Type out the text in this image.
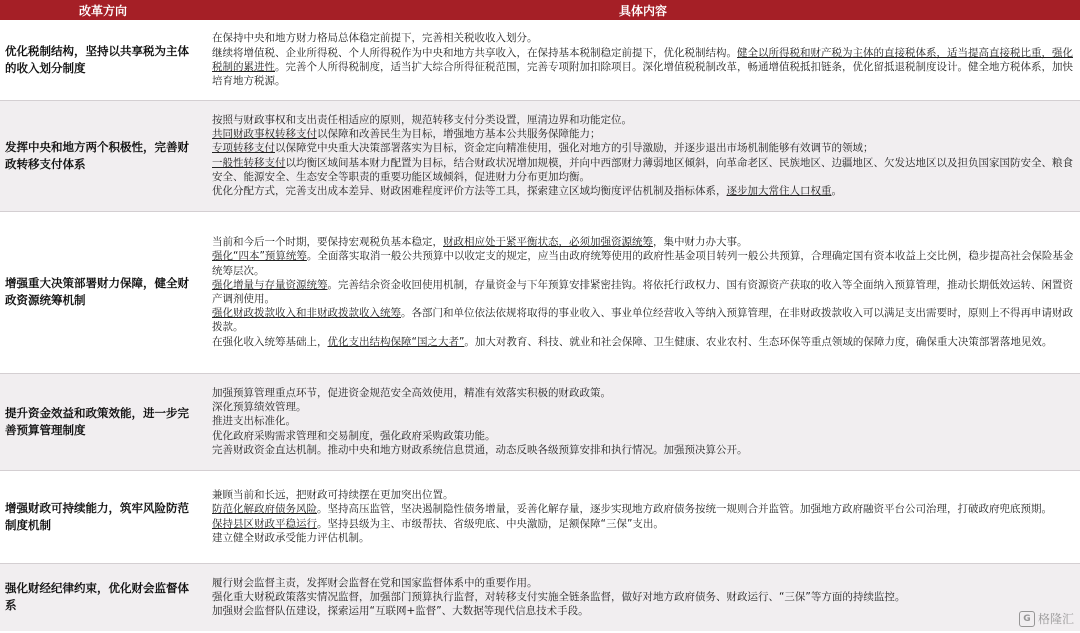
改革方向	具体内容
优化税制结构，坚持以共享税为主体的收入划分制度	在保持中央和地方财力格局总体稳定前提下，完善相关税收收入划分。
继续将增值税、企业所得税、个人所得税作为中央和地方共享收入，在保持基本税制稳定前提下，优化税制结构。健全以所得税和财产税为主体的直接税体系，适当提高直接税比重，强化税制的累进性。完善个人所得税制度，适当扩大综合所得征税范围，完善专项附加扣除项目。深化增值税税制改革，畅通增值税抵扣链条，优化留抵退税制度设计。健全地方税体系，加快培育地方税源。

发挥中央和地方两个积极性，完善财政转移支付体系	按照与财政事权和支出责任相适应的原则，规范转移支付分类设置，厘清边界和功能定位。
共同财政事权转移支付以保障和改善民生为目标，增强地方基本公共服务保障能力；
专项转移支付以保障党中央重大决策部署落实为目标，资金定向精准使用，强化对地方的引导激励，并逐步退出市场机制能够有效调节的领域；
一般性转移支付以均衡区域间基本财力配置为目标，结合财政状况增加规模，并向中西部财力薄弱地区倾斜，向革命老区、民族地区、边疆地区、欠发达地区以及担负国家国防安全、粮食安全、能源安全、生态安全等职责的重要功能区域倾斜，促进财力分布更加均衡。
优化分配方式，完善支出成本差异、财政困难程度评价方法等工具，探索建立区域均衡度评估机制及指标体系，逐步加大常住人口权重。

增强重大决策部署财力保障，健全财政资源统筹机制	当前和今后一个时期，要保持宏观税负基本稳定，财政相应处于紧平衡状态，必须加强资源统筹，集中财力办大事。
强化“四本”预算统筹。全面落实取消一般公共预算中以收定支的规定，应当由政府统筹使用的政府性基金项目转列一般公共预算，合理确定国有资本收益上交比例，稳步提高社会保险基金统筹层次。
强化增量与存量资源统筹。完善结余资金收回使用机制，存量资金与下年预算安排紧密挂钩。将依托行政权力、国有资源资产获取的收入等全面纳入预算管理，推动长期低效运转、闲置资产调剂使用。
强化财政拨款收入和非财政拨款收入统筹。各部门和单位依法依规将取得的事业收入、事业单位经营收入等纳入预算管理，在非财政拨款收入可以满足支出需要时，原则上不得再申请财政拨款。
在强化收入统筹基础上，优化支出结构保障“国之大者”。加大对教育、科技、就业和社会保障、卫生健康、农业农村、生态环保等重点领域的保障力度，确保重大决策部署落地见效。

提升资金效益和政策效能，进一步完善预算管理制度	加强预算管理重点环节，促进资金规范安全高效使用，精准有效落实积极的财政政策。
深化预算绩效管理。
推进支出标准化。
优化政府采购需求管理和交易制度，强化政府采购政策功能。
完善财政资金直达机制。推动中央和地方财政系统信息贯通，动态反映各级预算安排和执行情况。加强预决算公开。

增强财政可持续能力，筑牢风险防范制度机制	兼顾当前和长远，把财政可持续摆在更加突出位置。
防范化解政府债务风险。坚持高压监管，坚决遏制隐性债务增量，妥善化解存量，逐步实现地方政府债务按统一规则合并监管。加强地方政府融资平台公司治理，打破政府兜底预期。
保持县区财政平稳运行。坚持县级为主、市级帮扶、省级兜底、中央激励，足额保障“三保”支出。
建立健全财政承受能力评估机制。

强化财经纪律约束，优化财会监督体系	履行财会监督主责，发挥财会监督在党和国家监督体系中的重要作用。
强化重大财税政策落实情况监督，加强部门预算执行监督，对转移支付实施全链条监督，做好对地方政府债务、财政运行、“三保”等方面的持续监控。
加强财会监督队伍建设，探索运用“互联网+监督”、大数据等现代信息技术手段。
G 格隆汇
